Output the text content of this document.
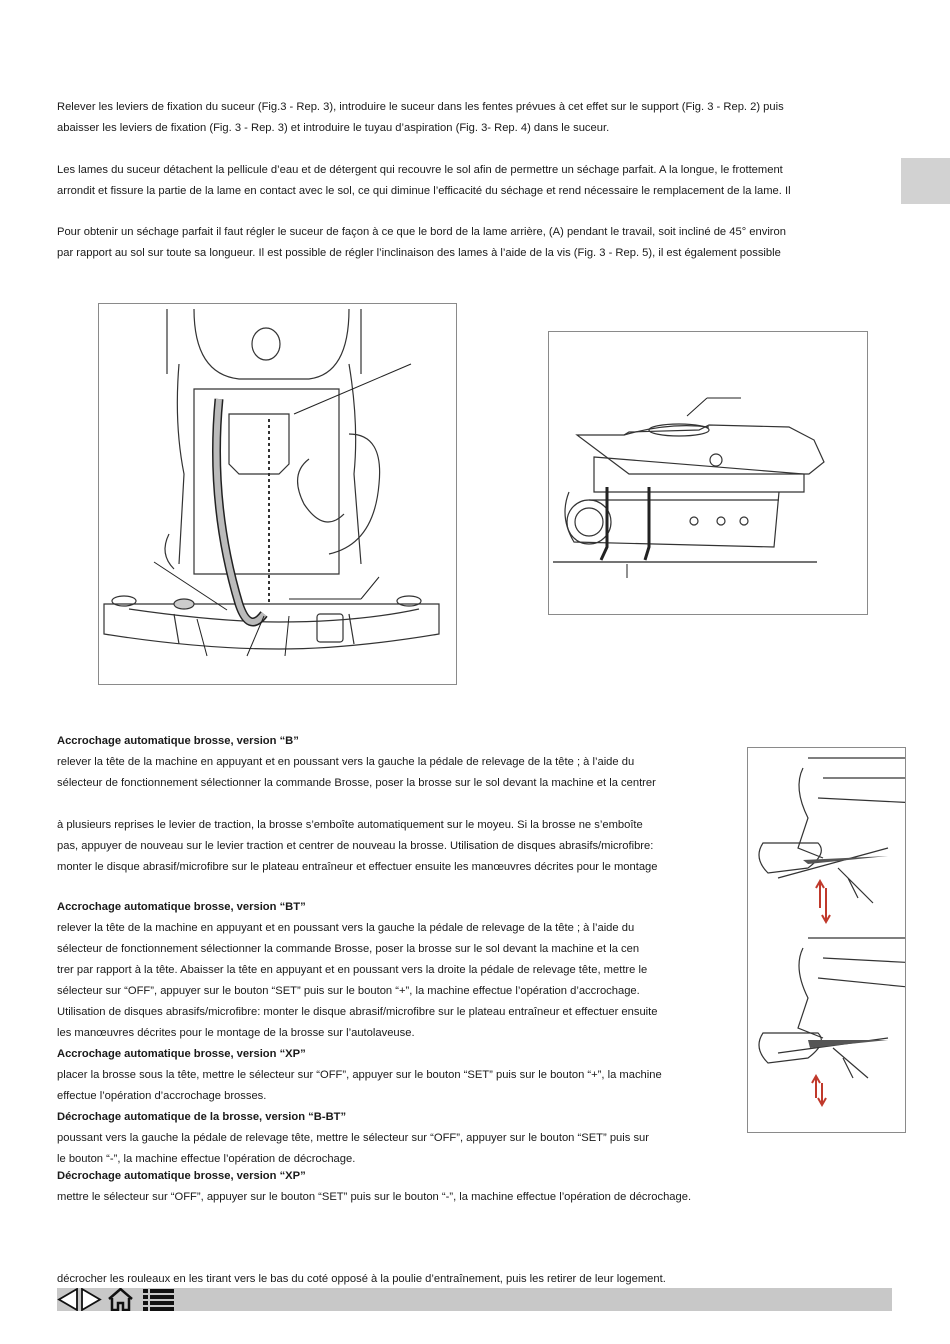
Relever les leviers de fixation du suceur (Fig.3 - Rep. 3), introduire le suceur dans les fentes prévues à cet effet sur le support (Fig. 3 - Rep. 2) puis
abaisser les leviers de fixation (Fig. 3 - Rep. 3) et introduire le tuyau d’aspiration (Fig. 3- Rep. 4) dans le suceur.
Les lames du suceur détachent la pellicule d’eau et de détergent qui recouvre le sol afin de permettre un séchage parfait. A la longue, le frottement
arrondit et fissure la partie de la lame en contact avec le sol, ce qui diminue l’efficacité du séchage et rend nécessaire le remplacement de la lame. Il
Pour obtenir un séchage parfait il faut régler le suceur de façon à ce que le bord de la lame arrière, (A) pendant le travail, soit incliné de 45° environ
par rapport au sol sur toute sa longueur. Il est possible de régler l’inclinaison des lames à l’aide de la vis (Fig. 3 - Rep. 5), il est également possible
Accrochage automatique brosse, version “B”
relever la tête de la machine en appuyant et en poussant vers la gauche la pédale de relevage de la tête ; à l’aide du
sélecteur de fonctionnement sélectionner la commande Brosse, poser la brosse sur le sol devant la machine et la centrer

à plusieurs reprises le levier de traction, la brosse s’emboîte automatiquement sur le moyeu. Si la brosse ne s’emboîte
pas, appuyer de nouveau sur le levier traction et centrer de nouveau la brosse. Utilisation de disques abrasifs/microfibre:
monter le disque abrasif/microfibre sur le plateau entraîneur et effectuer ensuite les manœuvres décrites pour le montage
Accrochage automatique brosse, version “BT”
relever la tête de la machine en appuyant et en poussant vers la gauche la pédale de relevage de la tête ; à l’aide du
sélecteur de fonctionnement sélectionner la commande Brosse, poser la brosse sur le sol devant la machine et la cen
trer par rapport à la tête. Abaisser la tête en appuyant et en poussant vers la droite la pédale de relevage tête, mettre le
sélecteur sur “OFF”, appuyer sur le bouton “SET” puis sur le bouton “+”, la machine effectue l’opération d’accrochage.
Utilisation de disques abrasifs/microfibre: monter le disque abrasif/microfibre sur le plateau entraîneur et effectuer ensuite
les manœuvres décrites pour le montage de la brosse sur l’autolaveuse.
Accrochage automatique brosse, version “XP”
placer la brosse sous la tête, mettre le sélecteur sur “OFF”, appuyer sur le bouton “SET” puis sur le bouton “+”, la machine
effectue l’opération d’accrochage brosses.
Décrochage automatique de la brosse, version “B-BT”
poussant vers la gauche la pédale de relevage tête, mettre le sélecteur sur “OFF”, appuyer sur le bouton “SET” puis sur
le bouton “-”, la machine effectue l’opération de décrochage.
Décrochage automatique brosse, version “XP”
mettre le sélecteur sur “OFF”, appuyer sur le bouton “SET” puis sur le bouton “-”, la machine effectue l’opération de décrochage.
décrocher les rouleaux en les tirant vers le bas du coté opposé à la poulie d’entraînement, puis les retirer de leur logement.
